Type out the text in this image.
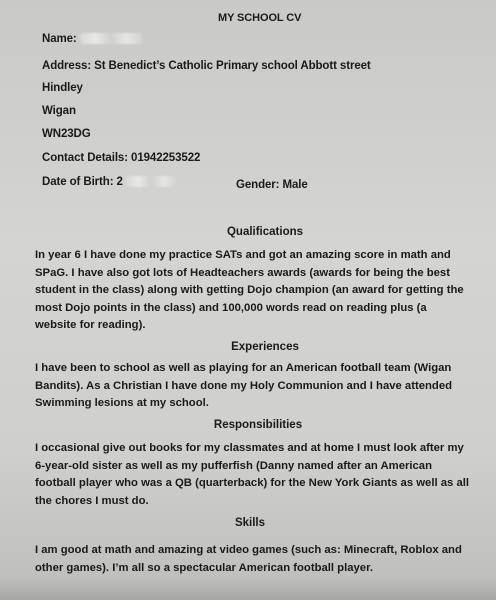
MY SCHOOL CV
Name:
Address: St Benedict’s Catholic Primary school Abbott street
Hindley
Wigan
WN23DG
Contact Details: 01942253522
Date of Birth: 2	Gender: Male
Qualifications
In year 6 I have done my practice SATs and got an amazing score in math and SPaG. I have also got lots of Headteachers awards (awards for being the best student in the class) along with getting Dojo champion (an award for getting the most Dojo points in the class) and 100,000 words read on reading plus (a website for reading).
Experiences
I have been to school as well as playing for an American football team (Wigan Bandits). As a Christian I have done my Holy Communion and I have attended Swimming lesions at my school.
Responsibilities
I occasional give out books for my classmates and at home I must look after my 6-year-old sister as well as my pufferfish (Danny named after an American football player who was a QB (quarterback) for the New York Giants as well as all the chores I must do.
Skills
I am good at math and amazing at video games (such as: Minecraft, Roblox and other games). I’m all so a spectacular American football player.
